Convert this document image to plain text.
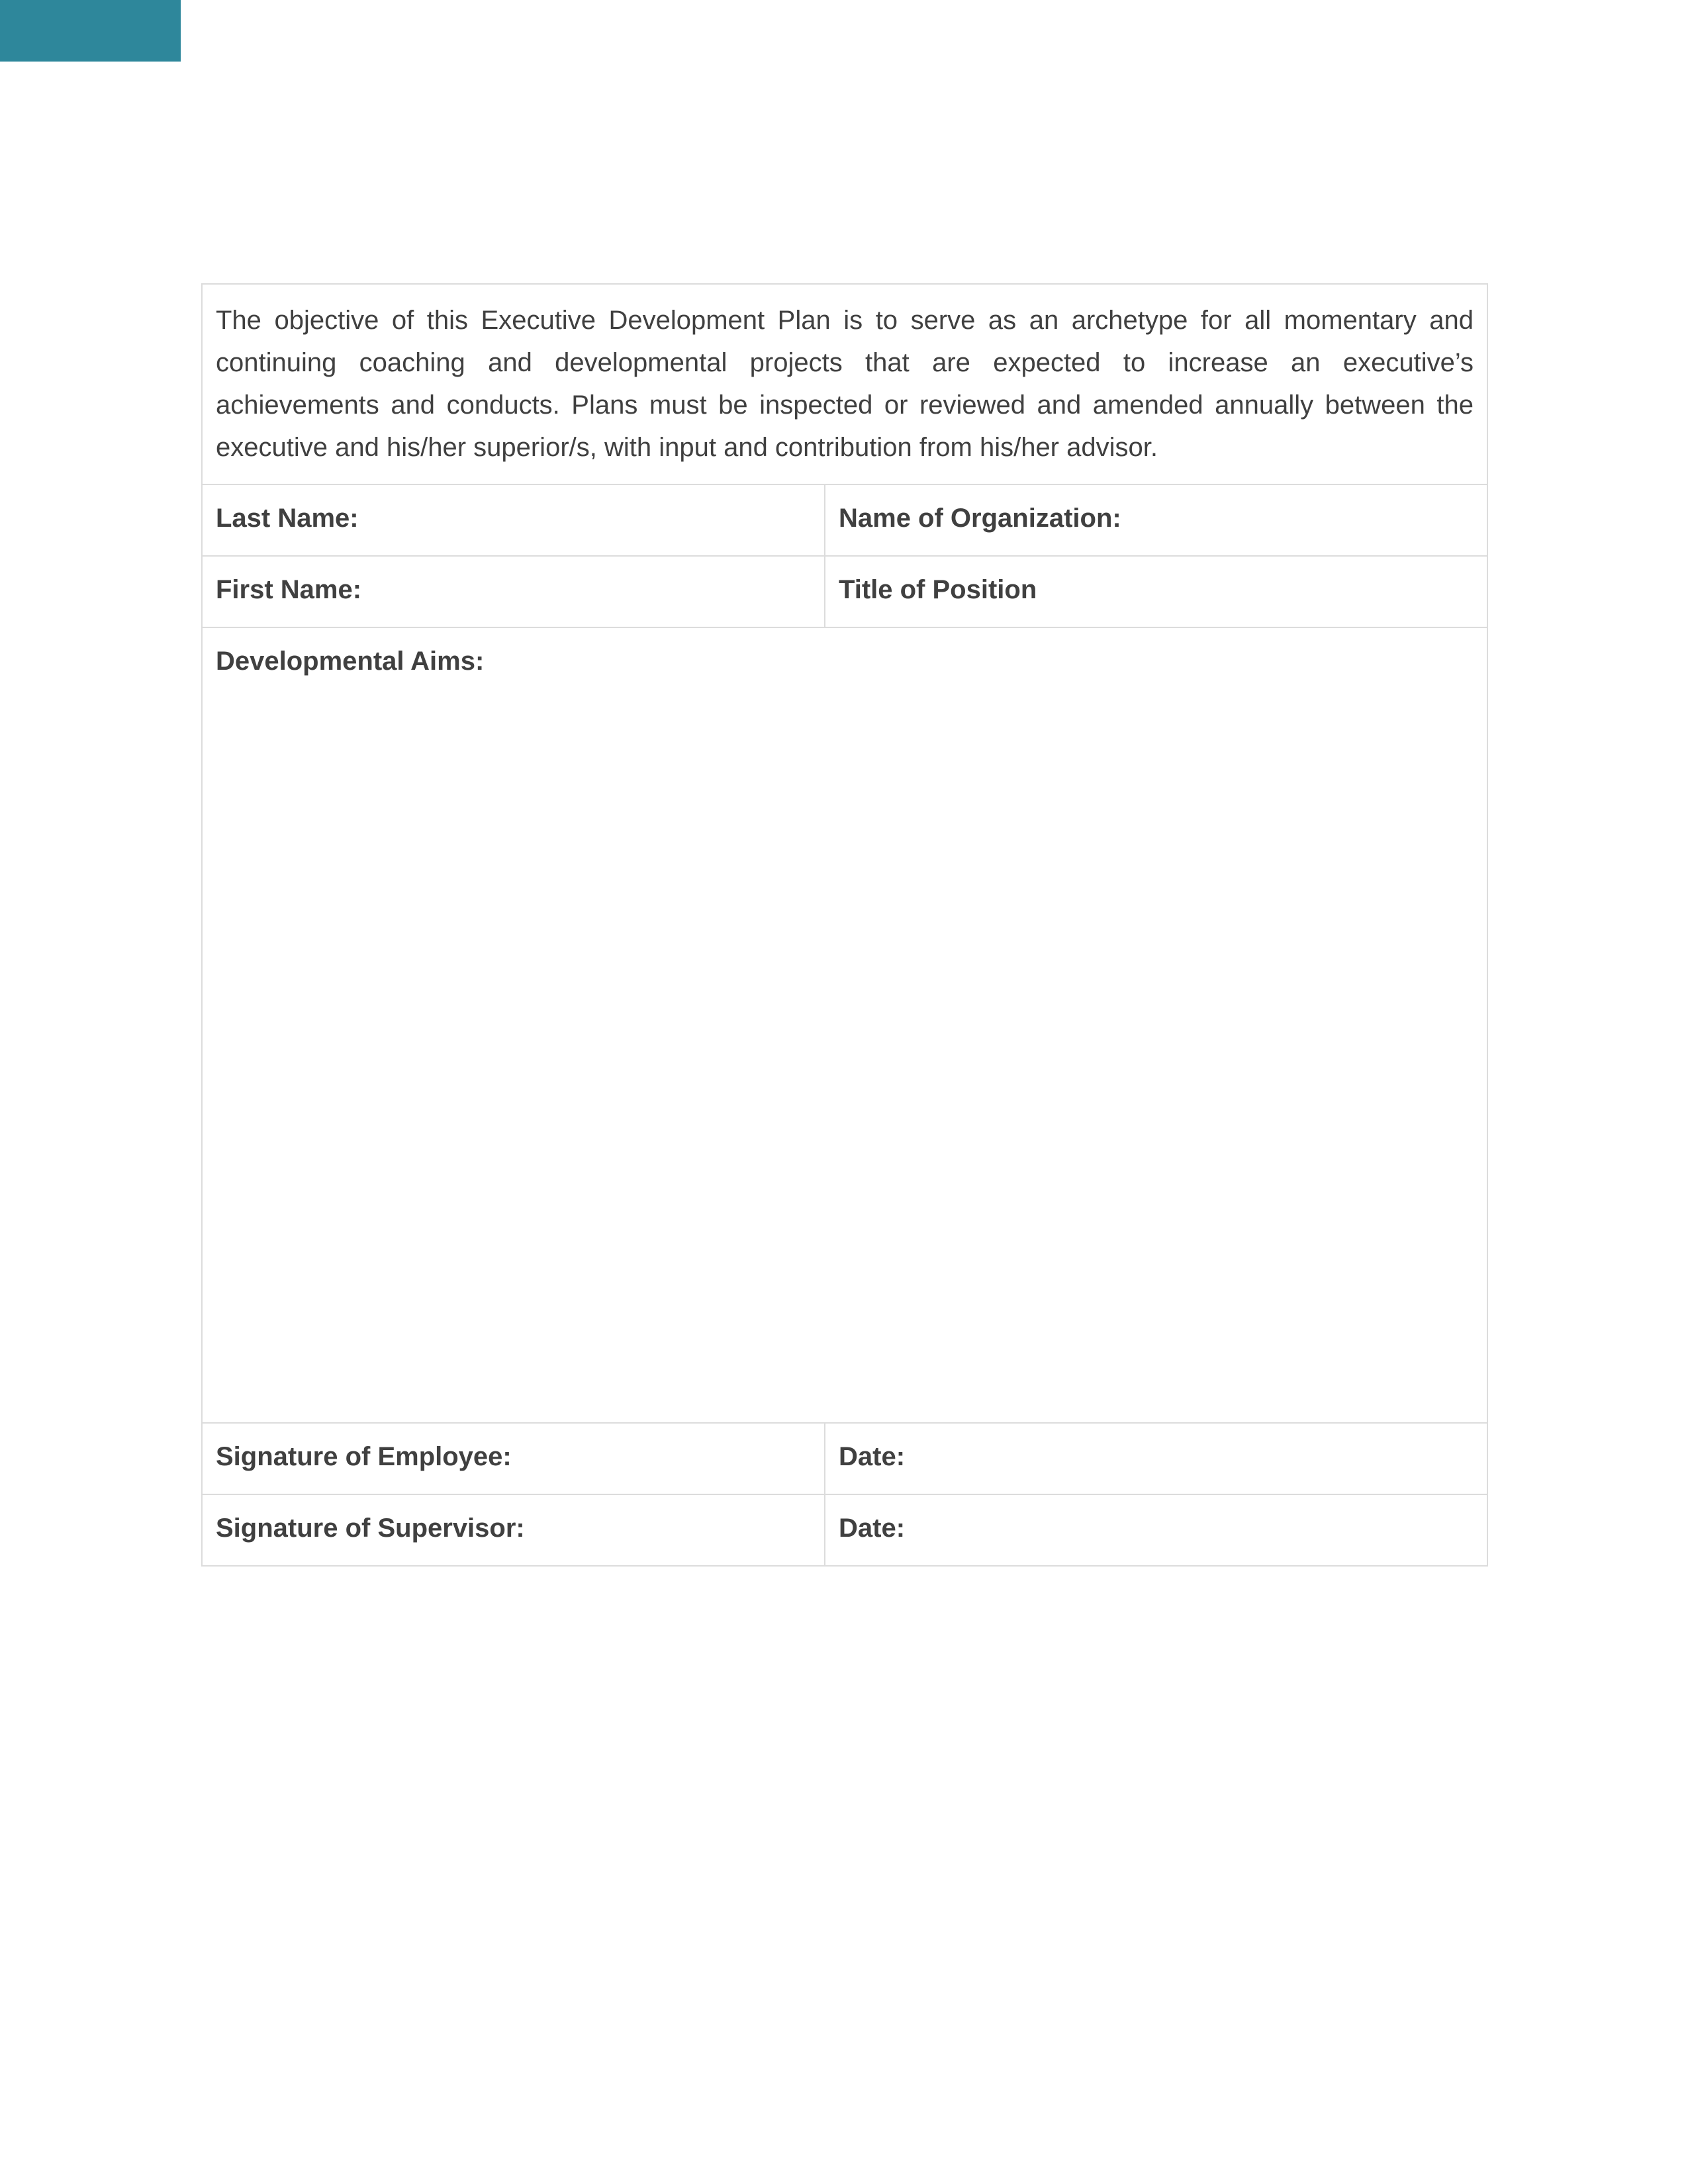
The objective of this Executive Development Plan is to serve as an archetype for all momentary and continuing coaching and developmental projects that are expected to increase an executive’s achievements and conducts. Plans must be inspected or reviewed and amended annually between the executive and his/her superior/s, with input and contribution from his/her advisor.	

Last Name:	Name of Organization:

First Name:	Title of Position

Developmental Aims:	

Signature of Employee:	Date:

Signature of Supervisor:	Date:
